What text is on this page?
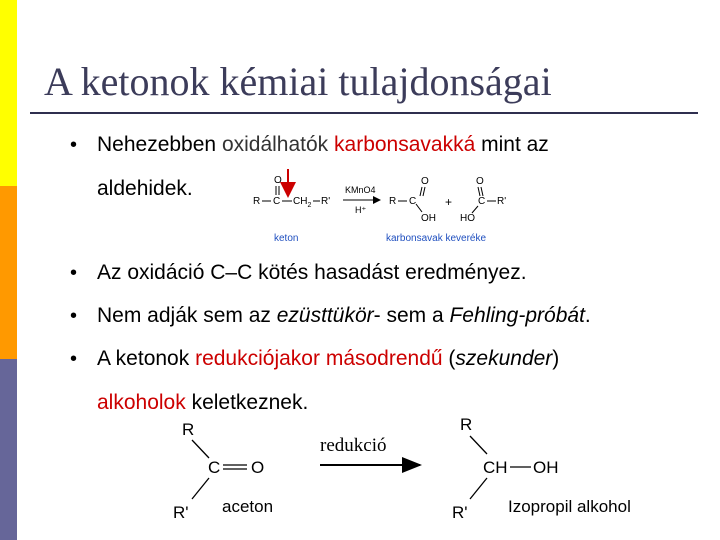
A ketonok kémiai tulajdonságai
• Nehezebben oxidálhatók karbonsavakká mint az
aldehidek.	O
R C $CH_2$ R'
KMnO4
H⁺
O
R C
OH
+
O
C R'
HO
keton	karbonsavak keveréke
• Az oxidáció C–C kötés hasadást eredményez.
• Nem adják sem az ezüsttükör- sem a Fehling-próbát.
• A ketonok redukciójakor másodrendű (szekunder)
alkoholok keletkeznek.
R
C O
R'
redukció
R
CH OH
R'
aceton	Izopropil alkohol
